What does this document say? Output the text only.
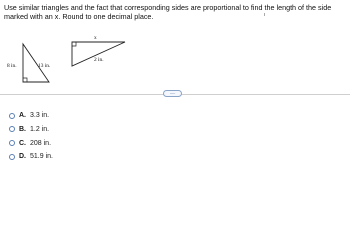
Use similar triangles and the fact that corresponding sides are proportional to find the length of the side marked with an x. Round to one decimal place.	ι
8 in.	13 in.
x
2 in.
.....
A. 3.3 in.
B. 1.2 in.
C. 208 in.
D. 51.9 in.
